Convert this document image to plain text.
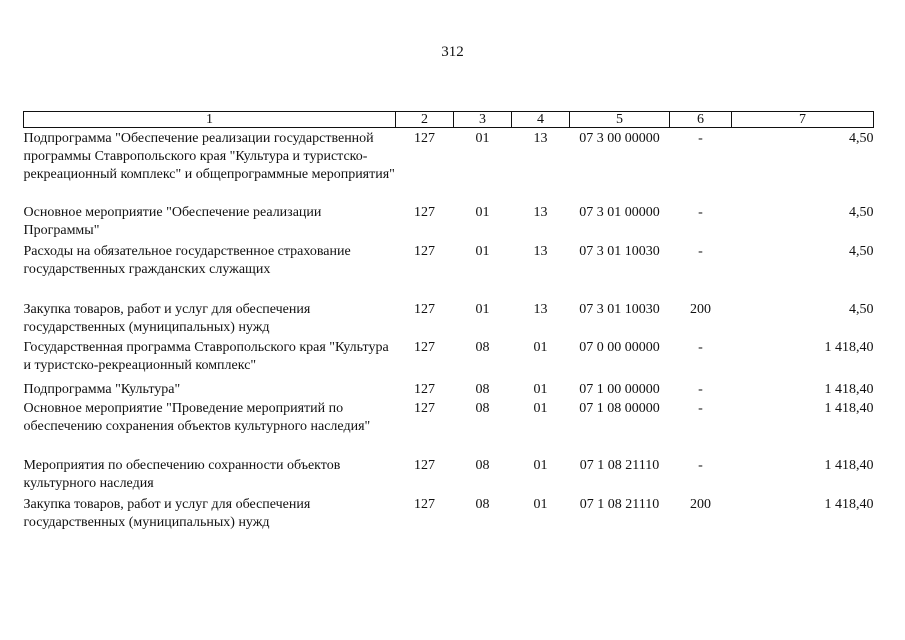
312
1	2	3	4	5	6	7
Подпрограмма "Обеспечение реализации государственной программы Ставропольского края "Культура и туристско-рекреационный комплекс" и общепрограммные мероприятия"	127	01	13	07 3 00 00000	-	4,50
Основное мероприятие "Обеспечение реализации Программы"	127	01	13	07 3 01 00000	-	4,50
Расходы на обязательное государственное страхование государственных гражданских служащих	127	01	13	07 3 01 10030	-	4,50
Закупка товаров, работ и услуг для обеспечения государственных (муниципальных) нужд	127	01	13	07 3 01 10030	200	4,50
Государственная программа Ставропольского края "Культура и туристско-рекреационный комплекс"	127	08	01	07 0 00 00000	-	1 418,40
Подпрограмма "Культура"	127	08	01	07 1 00 00000	-	1 418,40
Основное мероприятие "Проведение мероприятий по обеспечению сохранения объектов культурного наследия"	127	08	01	07 1 08 00000	-	1 418,40
Мероприятия по обеспечению сохранности объектов культурного наследия	127	08	01	07 1 08 21110	-	1 418,40
Закупка товаров, работ и услуг для обеспечения государственных (муниципальных) нужд	127	08	01	07 1 08 21110	200	1 418,40
